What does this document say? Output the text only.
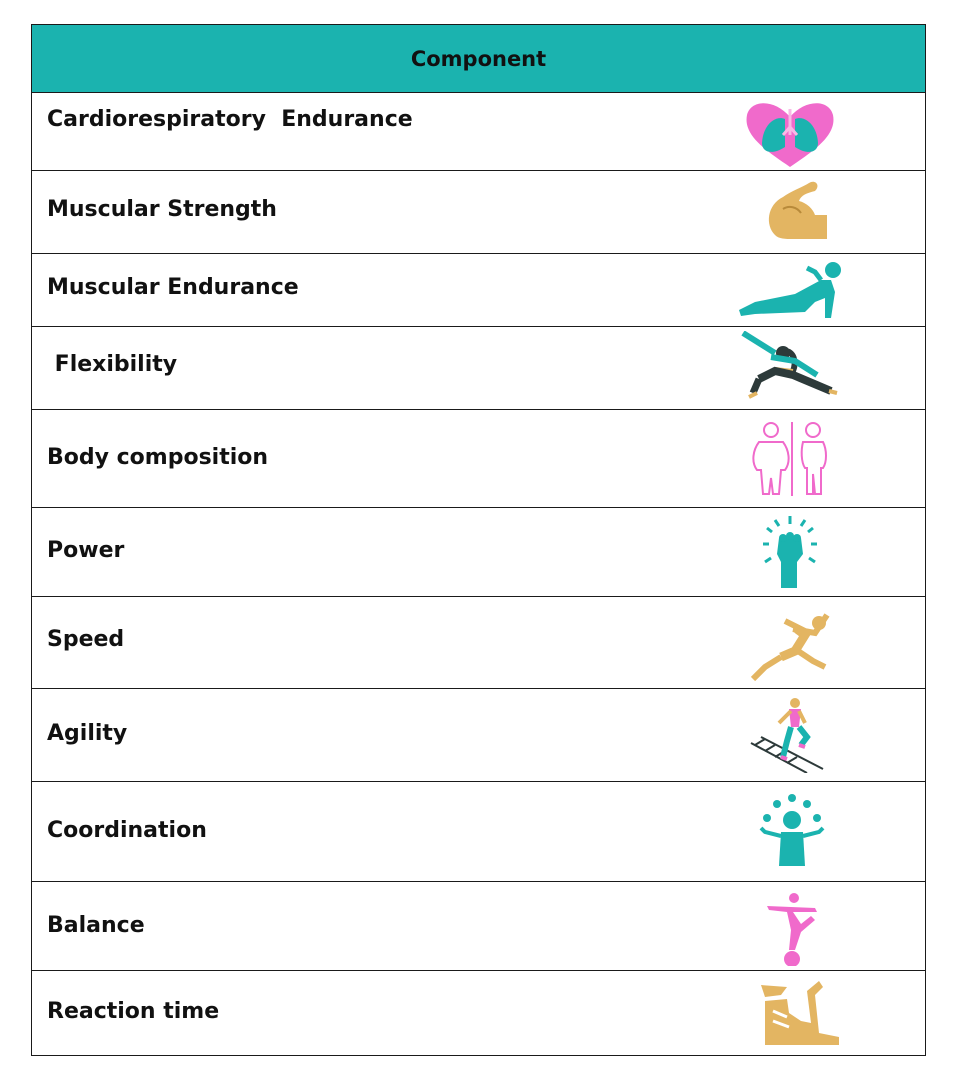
Component
Cardiorespiratory  Endurance
Muscular Strength
Muscular Endurance
Flexibility
Body composition
Power
Speed
Agility
Coordination
Balance
Reaction time
